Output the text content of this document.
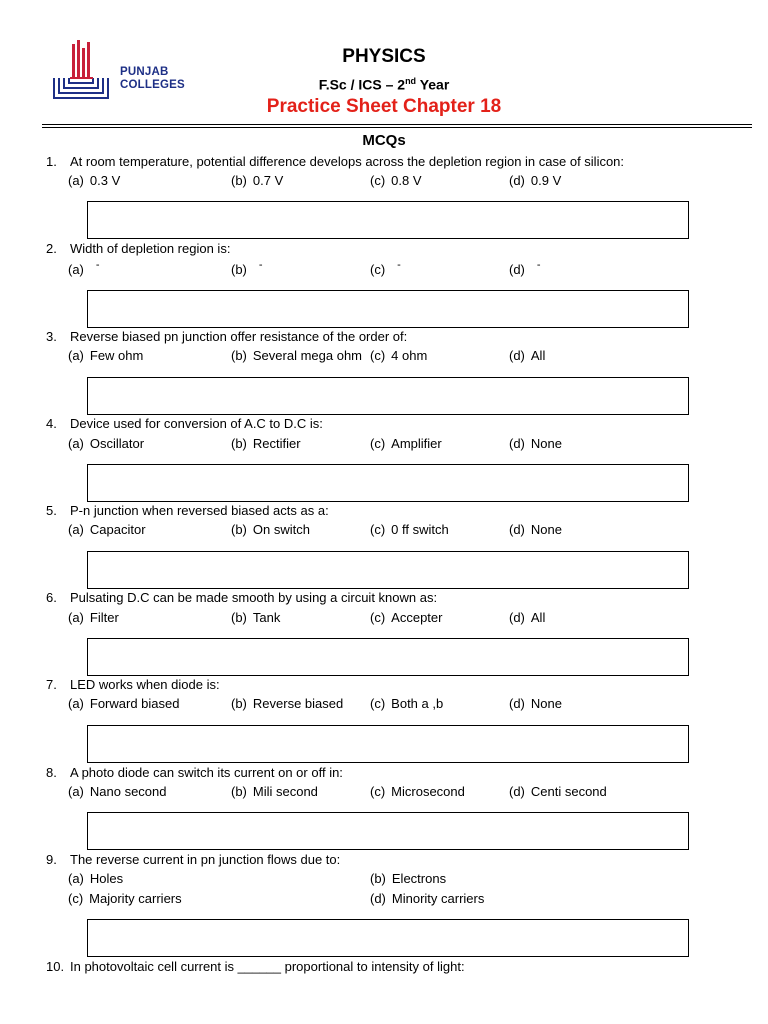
PUNJAB
COLLEGES
PHYSICS
F.Sc / ICS – 2nd Year
Practice Sheet Chapter 18
MCQs
1. At room temperature, potential difference develops across the depletion region in case of silicon:
(a) 0.3 V	(b) 0.7 V	(c) 0.8 V	(d) 0.9 V
2. Width of depletion region is:
(a) -	(b) -	(c) -	(d) -
3. Reverse biased pn junction offer resistance of the order of:
(a) Few ohm	(b) Several mega ohm (c) 4 ohm	(d) All
4. Device used for conversion of A.C to D.C is:
(a) Oscillator	(b) Rectifier	(c) Amplifier	(d) None
5. P-n junction when reversed biased acts as a:
(a) Capacitor	(b) On switch	(c) 0 ff switch	(d) None
6. Pulsating D.C can be made smooth by using a circuit known as:
(a) Filter	(b) Tank	(c) Accepter	(d) All
7. LED works when diode is:
(a) Forward biased	(b) Reverse biased (c) Both a ,b	(d) None
8. A photo diode can switch its current on or off in:
(a) Nano second	(b) Mili second	(c) Microsecond	(d) Centi second
9. The reverse current in pn junction flows due to:
(a) Holes	(b) Electrons
(c) Majority carriers	(d) Minority carriers
10. In photovoltaic cell current is ______ proportional to intensity of light:
